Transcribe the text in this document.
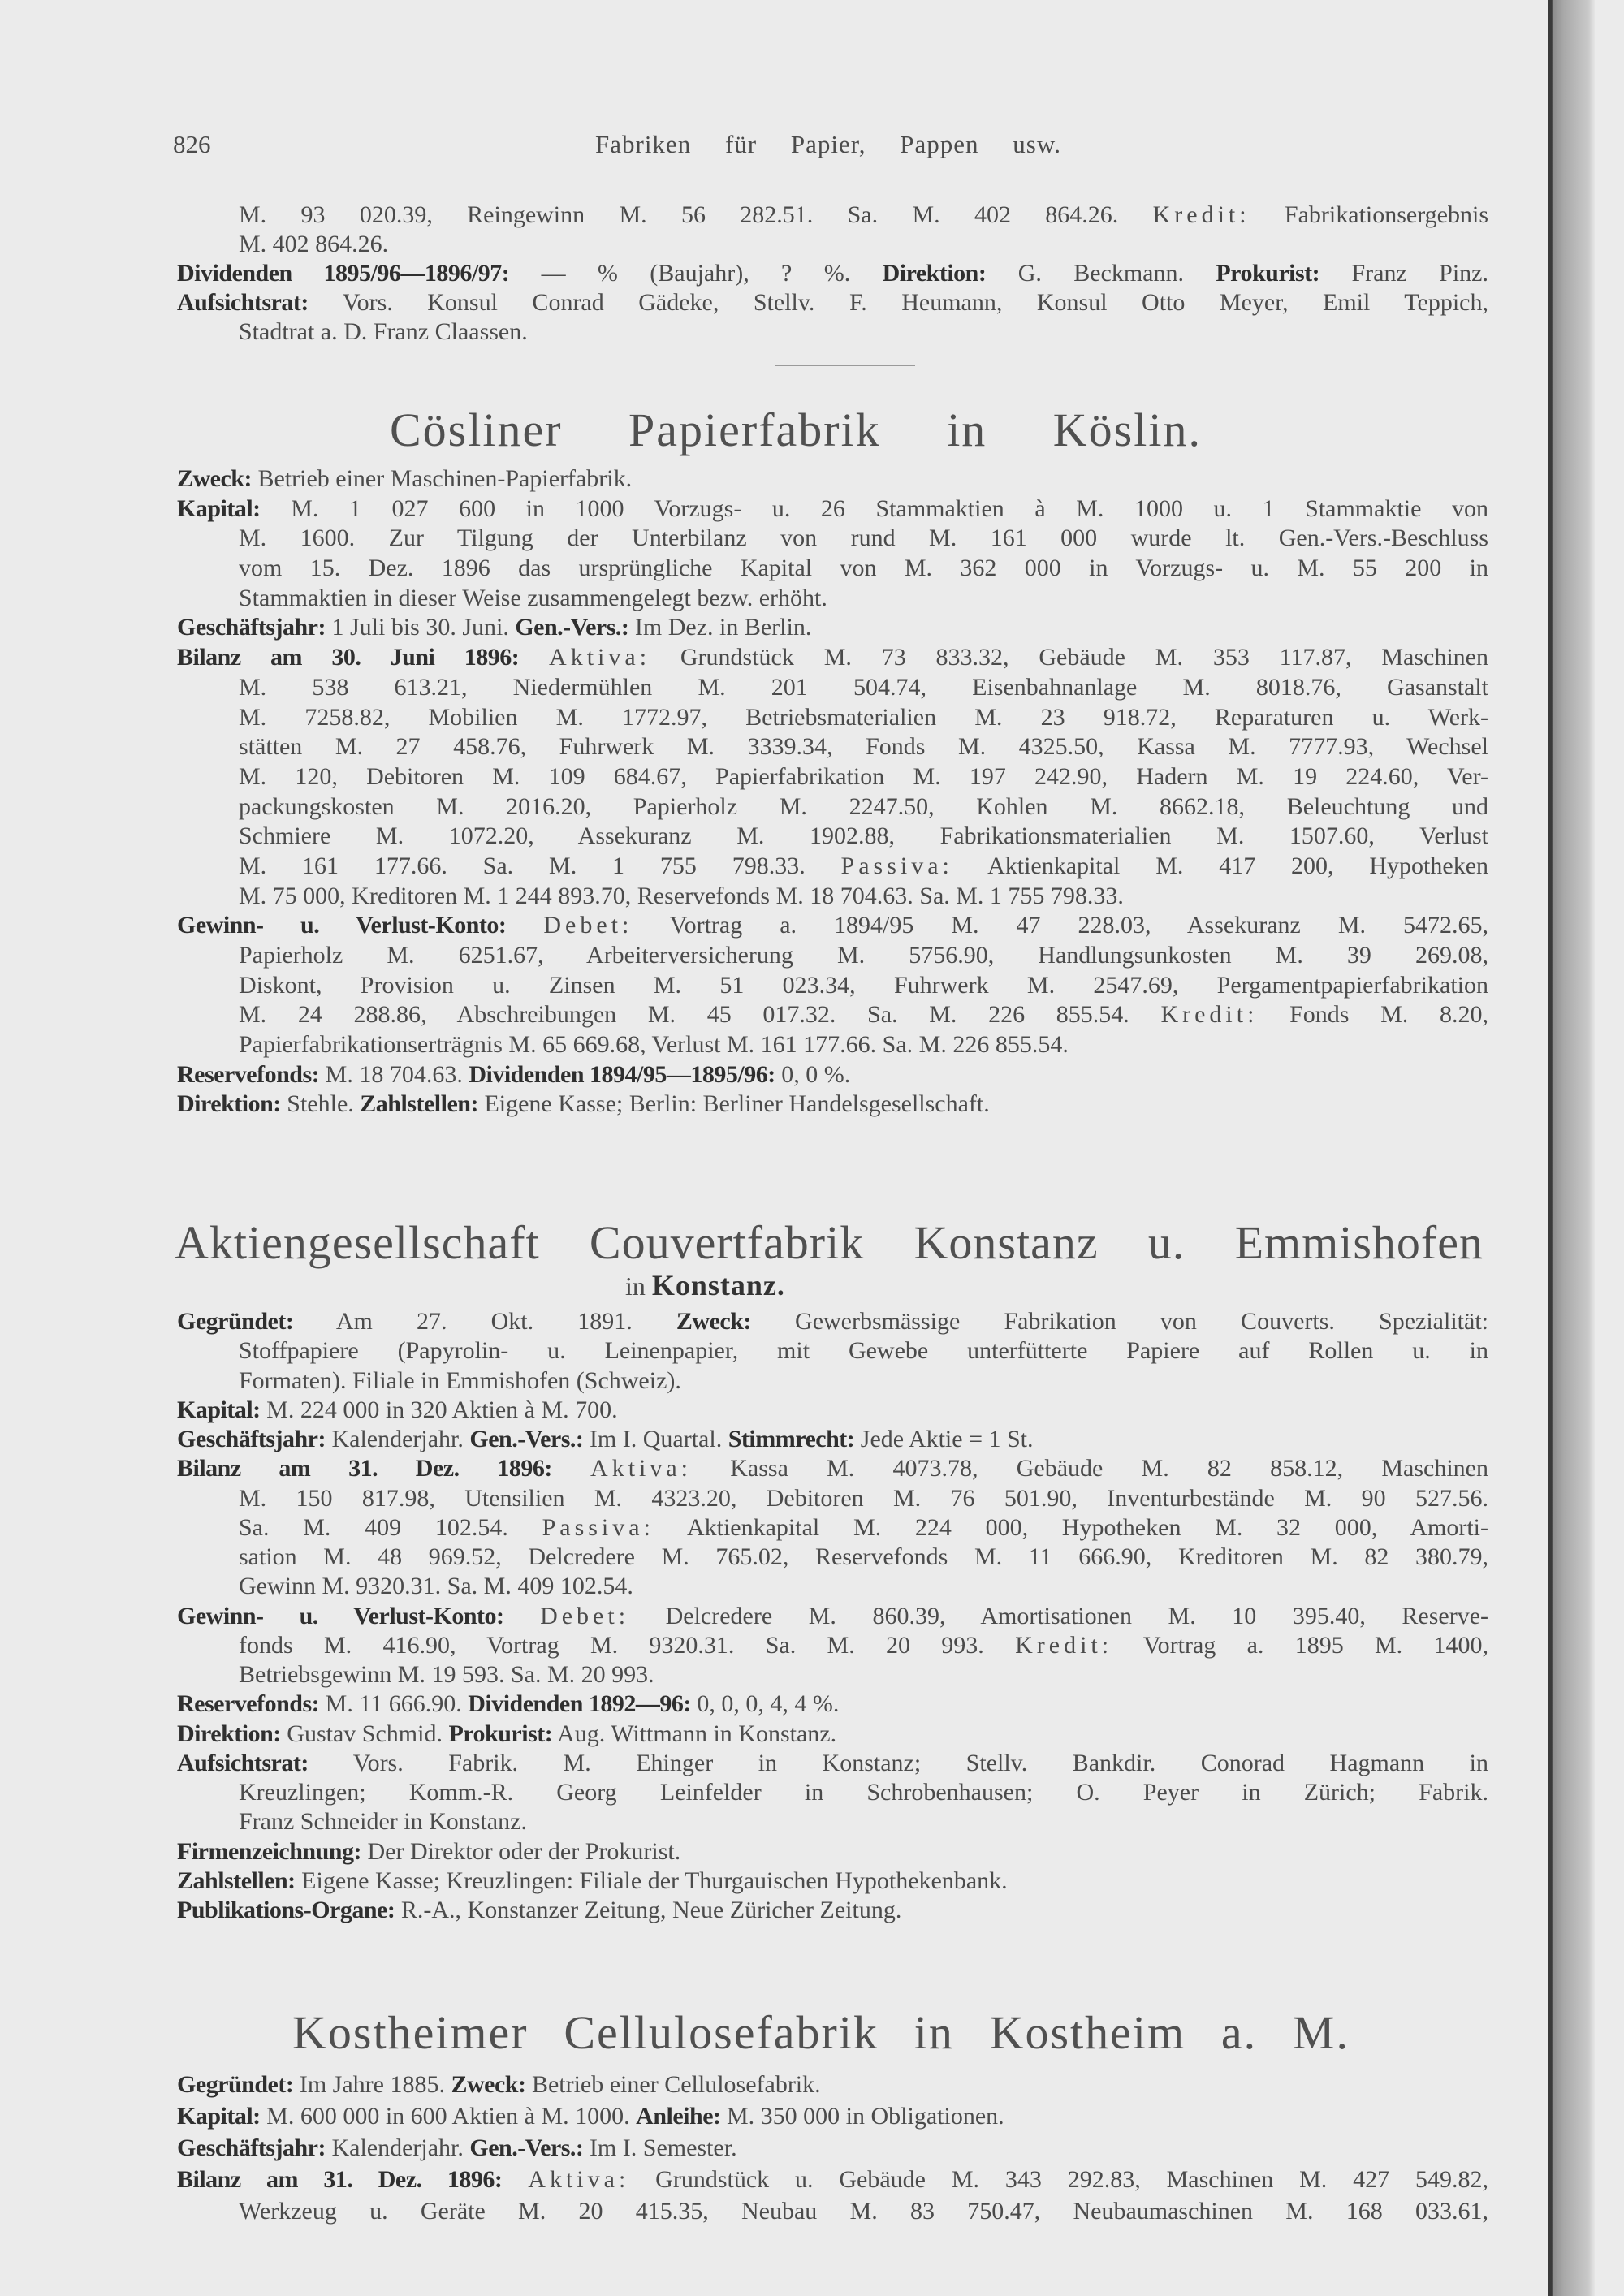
826	Fabriken für Papier, Pappen usw.
M. 93 020.39, Reingewinn M. 56 282.51. Sa. M. 402 864.26. Kredit: Fabrikationsergebnis
M. 402 864.26.
Dividenden 1895/96—1896/97: — % (Baujahr), ? %. Direktion: G. Beckmann. Prokurist: Franz Pinz.
Aufsichtsrat: Vors. Konsul Conrad Gädeke, Stellv. F. Heumann, Konsul Otto Meyer, Emil Teppich,
Stadtrat a. D. Franz Claassen.
Cösliner Papierfabrik in Köslin.
Zweck: Betrieb einer Maschinen-Papierfabrik.
Kapital: M. 1 027 600 in 1000 Vorzugs- u. 26 Stammaktien à M. 1000 u. 1 Stammaktie von
M. 1600. Zur Tilgung der Unterbilanz von rund M. 161 000 wurde lt. Gen.-Vers.-Beschluss
vom 15. Dez. 1896 das ursprüngliche Kapital von M. 362 000 in Vorzugs- u. M. 55 200 in
Stammaktien in dieser Weise zusammengelegt bezw. erhöht.
Geschäftsjahr: 1 Juli bis 30. Juni. Gen.-Vers.: Im Dez. in Berlin.
Bilanz am 30. Juni 1896: Aktiva: Grundstück M. 73 833.32, Gebäude M. 353 117.87, Maschinen
M. 538 613.21, Niedermühlen M. 201 504.74, Eisenbahnanlage M. 8018.76, Gasanstalt
M. 7258.82, Mobilien M. 1772.97, Betriebsmaterialien M. 23 918.72, Reparaturen u. Werk-
stätten M. 27 458.76, Fuhrwerk M. 3339.34, Fonds M. 4325.50, Kassa M. 7777.93, Wechsel
M. 120, Debitoren M. 109 684.67, Papierfabrikation M. 197 242.90, Hadern M. 19 224.60, Ver-
packungskosten M. 2016.20, Papierholz M. 2247.50, Kohlen M. 8662.18, Beleuchtung und
Schmiere M. 1072.20, Assekuranz M. 1902.88, Fabrikationsmaterialien M. 1507.60, Verlust
M. 161 177.66. Sa. M. 1 755 798.33. Passiva: Aktienkapital M. 417 200, Hypotheken
M. 75 000, Kreditoren M. 1 244 893.70, Reservefonds M. 18 704.63. Sa. M. 1 755 798.33.
Gewinn- u. Verlust-Konto: Debet: Vortrag a. 1894/95 M. 47 228.03, Assekuranz M. 5472.65,
Papierholz M. 6251.67, Arbeiterversicherung M. 5756.90, Handlungsunkosten M. 39 269.08,
Diskont, Provision u. Zinsen M. 51 023.34, Fuhrwerk M. 2547.69, Pergamentpapierfabrikation
M. 24 288.86, Abschreibungen M. 45 017.32. Sa. M. 226 855.54. Kredit: Fonds M. 8.20,
Papierfabrikationserträgnis M. 65 669.68, Verlust M. 161 177.66. Sa. M. 226 855.54.
Reservefonds: M. 18 704.63. Dividenden 1894/95—1895/96: 0, 0 %.
Direktion: Stehle. Zahlstellen: Eigene Kasse; Berlin: Berliner Handelsgesellschaft.
Aktiengesellschaft Couvertfabrik Konstanz u. Emmishofen
in Konstanz.
Gegründet: Am 27. Okt. 1891. Zweck: Gewerbsmässige Fabrikation von Couverts. Spezialität:
Stoffpapiere (Papyrolin- u. Leinenpapier, mit Gewebe unterfütterte Papiere auf Rollen u. in
Formaten). Filiale in Emmishofen (Schweiz).
Kapital: M. 224 000 in 320 Aktien à M. 700.
Geschäftsjahr: Kalenderjahr. Gen.-Vers.: Im I. Quartal. Stimmrecht: Jede Aktie = 1 St.
Bilanz am 31. Dez. 1896: Aktiva: Kassa M. 4073.78, Gebäude M. 82 858.12, Maschinen
M. 150 817.98, Utensilien M. 4323.20, Debitoren M. 76 501.90, Inventurbestände M. 90 527.56.
Sa. M. 409 102.54. Passiva: Aktienkapital M. 224 000, Hypotheken M. 32 000, Amorti-
sation M. 48 969.52, Delcredere M. 765.02, Reservefonds M. 11 666.90, Kreditoren M. 82 380.79,
Gewinn M. 9320.31. Sa. M. 409 102.54.
Gewinn- u. Verlust-Konto: Debet: Delcredere M. 860.39, Amortisationen M. 10 395.40, Reserve-
fonds M. 416.90, Vortrag M. 9320.31. Sa. M. 20 993. Kredit: Vortrag a. 1895 M. 1400,
Betriebsgewinn M. 19 593. Sa. M. 20 993.
Reservefonds: M. 11 666.90. Dividenden 1892—96: 0, 0, 0, 4, 4 %.
Direktion: Gustav Schmid. Prokurist: Aug. Wittmann in Konstanz.
Aufsichtsrat: Vors. Fabrik. M. Ehinger in Konstanz; Stellv. Bankdir. Conorad Hagmann in
Kreuzlingen; Komm.-R. Georg Leinfelder in Schrobenhausen; O. Peyer in Zürich; Fabrik.
Franz Schneider in Konstanz.
Firmenzeichnung: Der Direktor oder der Prokurist.
Zahlstellen: Eigene Kasse; Kreuzlingen: Filiale der Thurgauischen Hypothekenbank.
Publikations-Organe: R.-A., Konstanzer Zeitung, Neue Züricher Zeitung.
Kostheimer Cellulosefabrik in Kostheim a. M.
Gegründet: Im Jahre 1885. Zweck: Betrieb einer Cellulosefabrik.
Kapital: M. 600 000 in 600 Aktien à M. 1000. Anleihe: M. 350 000 in Obligationen.
Geschäftsjahr: Kalenderjahr. Gen.-Vers.: Im I. Semester.
Bilanz am 31. Dez. 1896: Aktiva: Grundstück u. Gebäude M. 343 292.83, Maschinen M. 427 549.82,
Werkzeug u. Geräte M. 20 415.35, Neubau M. 83 750.47, Neubaumaschinen M. 168 033.61,
